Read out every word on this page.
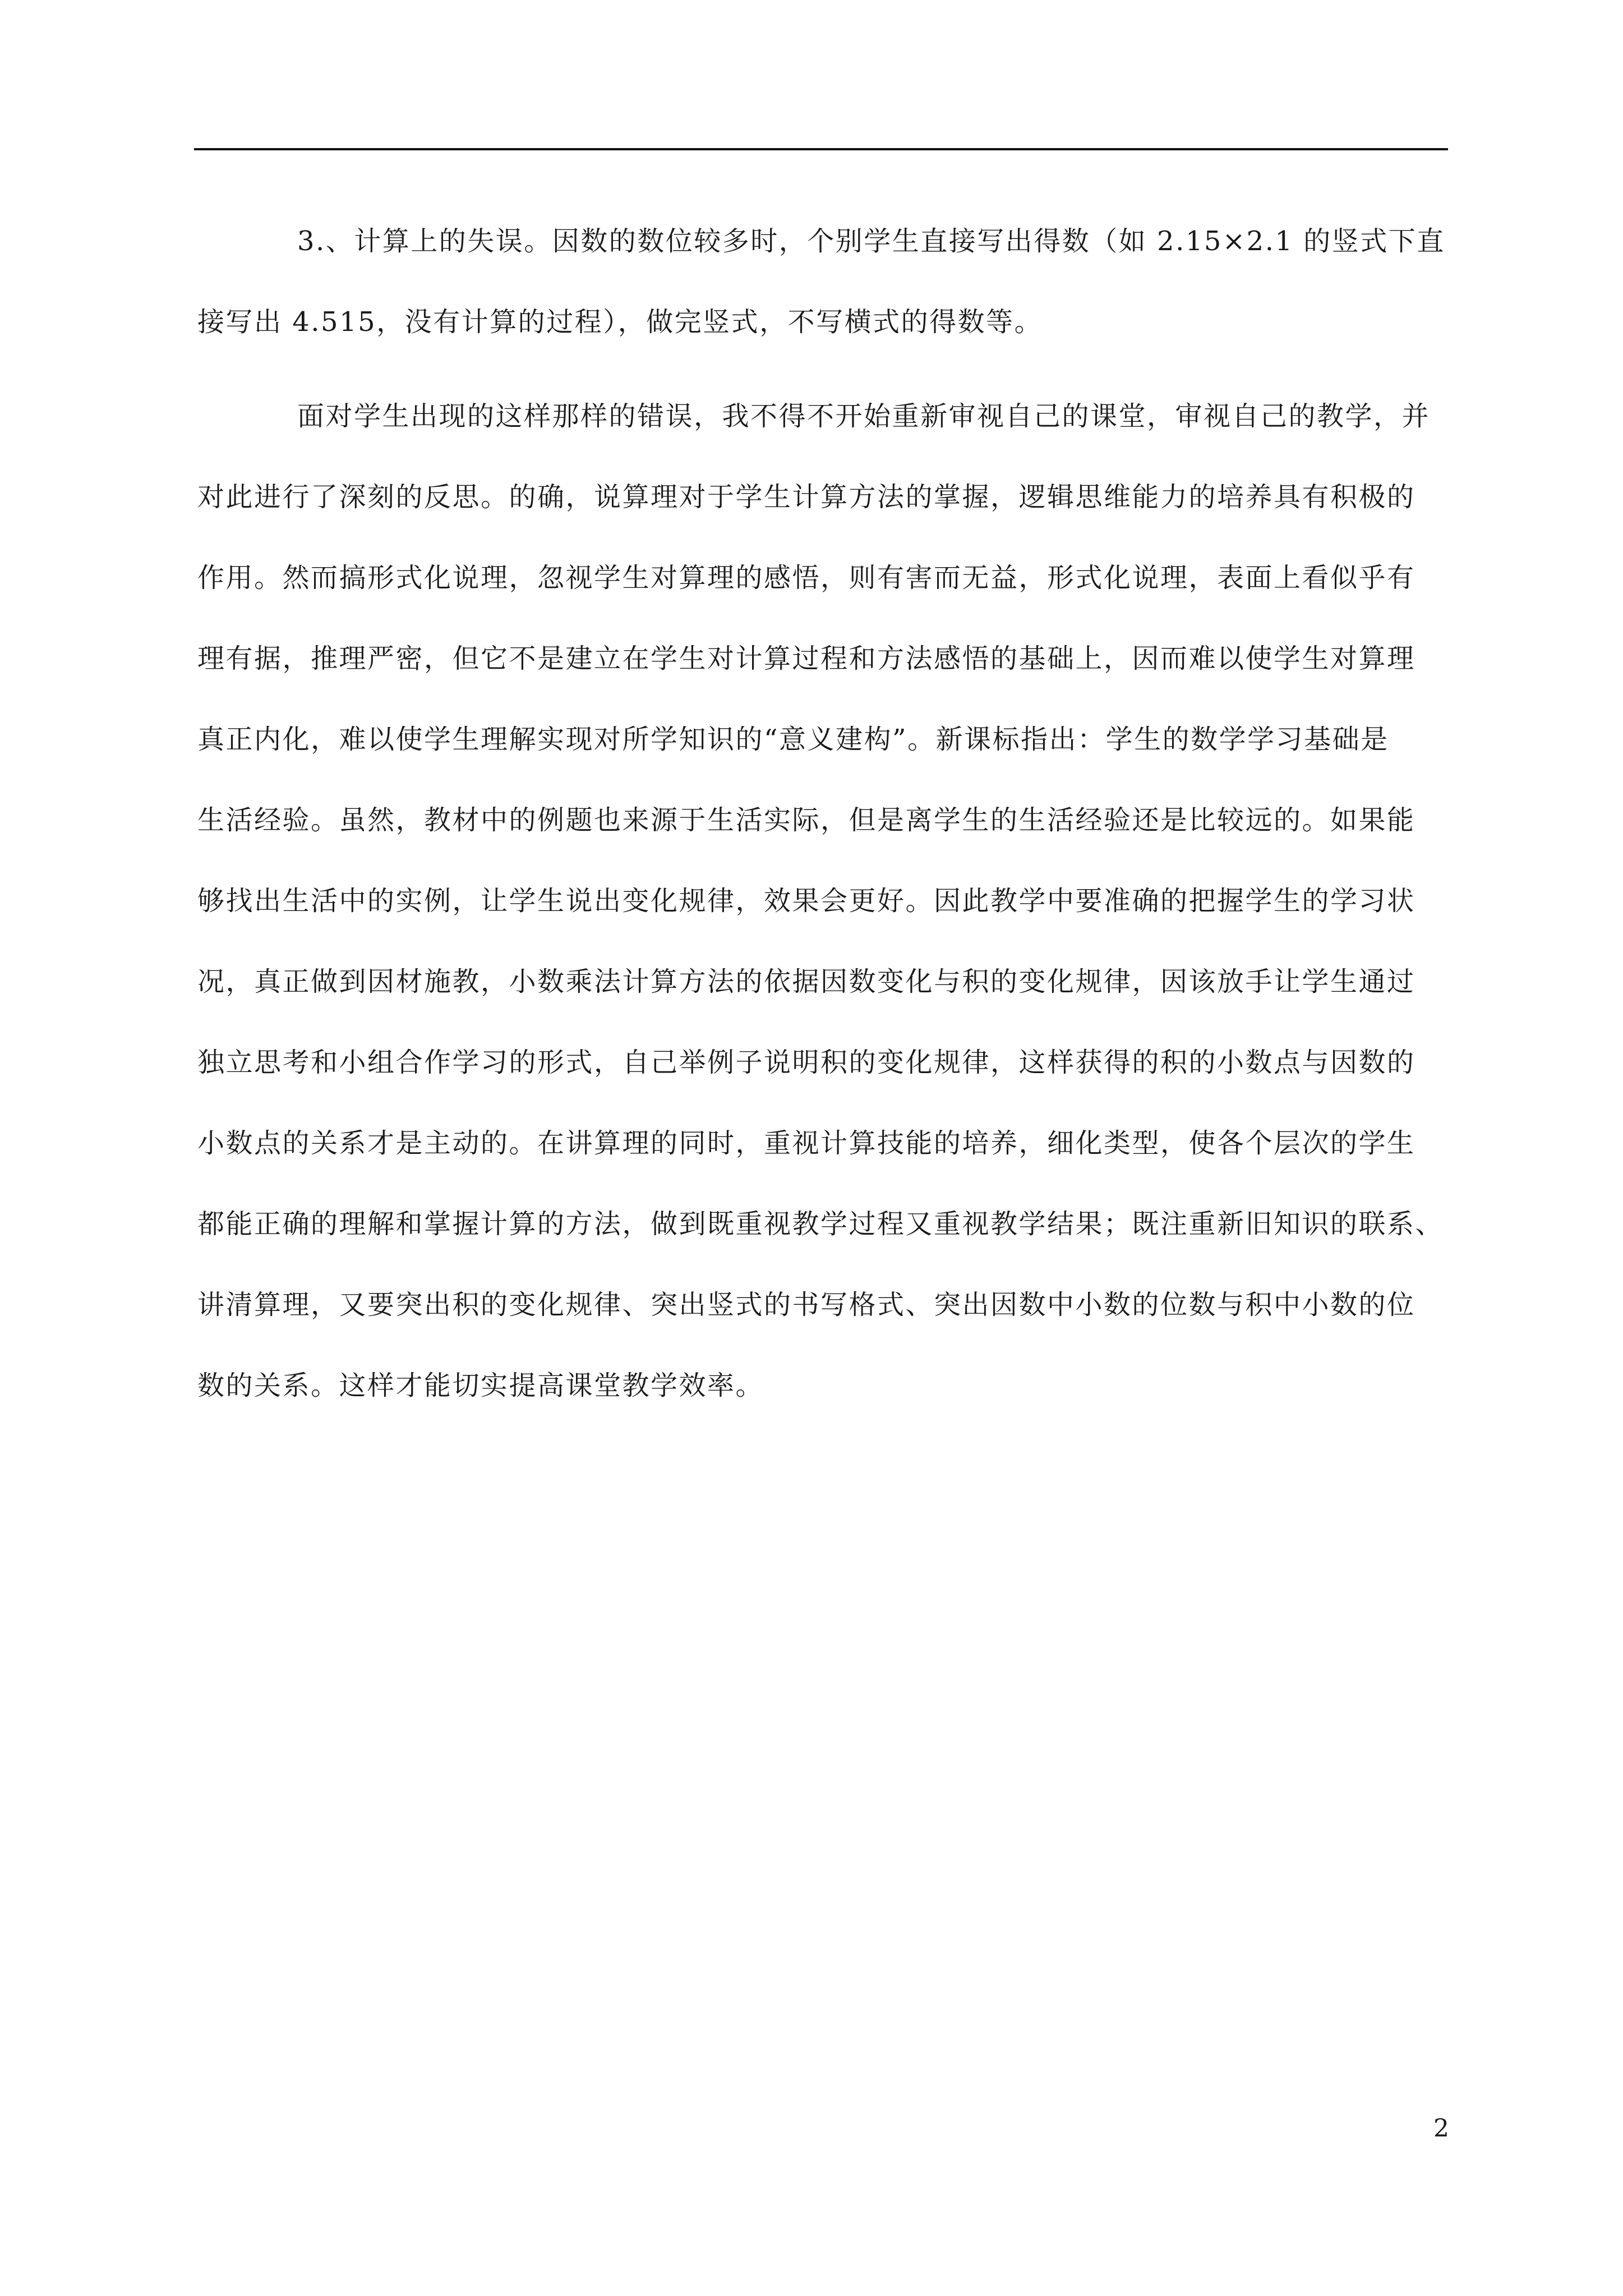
3.、计算上的失误。因数的数位较多时，个别学生直接写出得数（如 2.15×2.1 的竖式下直
接写出 4.515，没有计算的过程），做完竖式，不写横式的得数等。
面对学生出现的这样那样的错误，我不得不开始重新审视自己的课堂，审视自己的教学，并
对此进行了深刻的反思。的确，说算理对于学生计算方法的掌握，逻辑思维能力的培养具有积极的
作用。然而搞形式化说理，忽视学生对算理的感悟，则有害而无益，形式化说理，表面上看似乎有
理有据，推理严密，但它不是建立在学生对计算过程和方法感悟的基础上，因而难以使学生对算理
真正内化，难以使学生理解实现对所学知识的“意义建构”。新课标指出：学生的数学学习基础是
生活经验。虽然，教材中的例题也来源于生活实际，但是离学生的生活经验还是比较远的。如果能
够找出生活中的实例，让学生说出变化规律，效果会更好。因此教学中要准确的把握学生的学习状
况，真正做到因材施教，小数乘法计算方法的依据因数变化与积的变化规律，因该放手让学生通过
独立思考和小组合作学习的形式，自己举例子说明积的变化规律，这样获得的积的小数点与因数的
小数点的关系才是主动的。在讲算理的同时，重视计算技能的培养，细化类型，使各个层次的学生
都能正确的理解和掌握计算的方法，做到既重视教学过程又重视教学结果；既注重新旧知识的联系、
讲清算理，又要突出积的变化规律、突出竖式的书写格式、突出因数中小数的位数与积中小数的位
数的关系。这样才能切实提高课堂教学效率。
2
